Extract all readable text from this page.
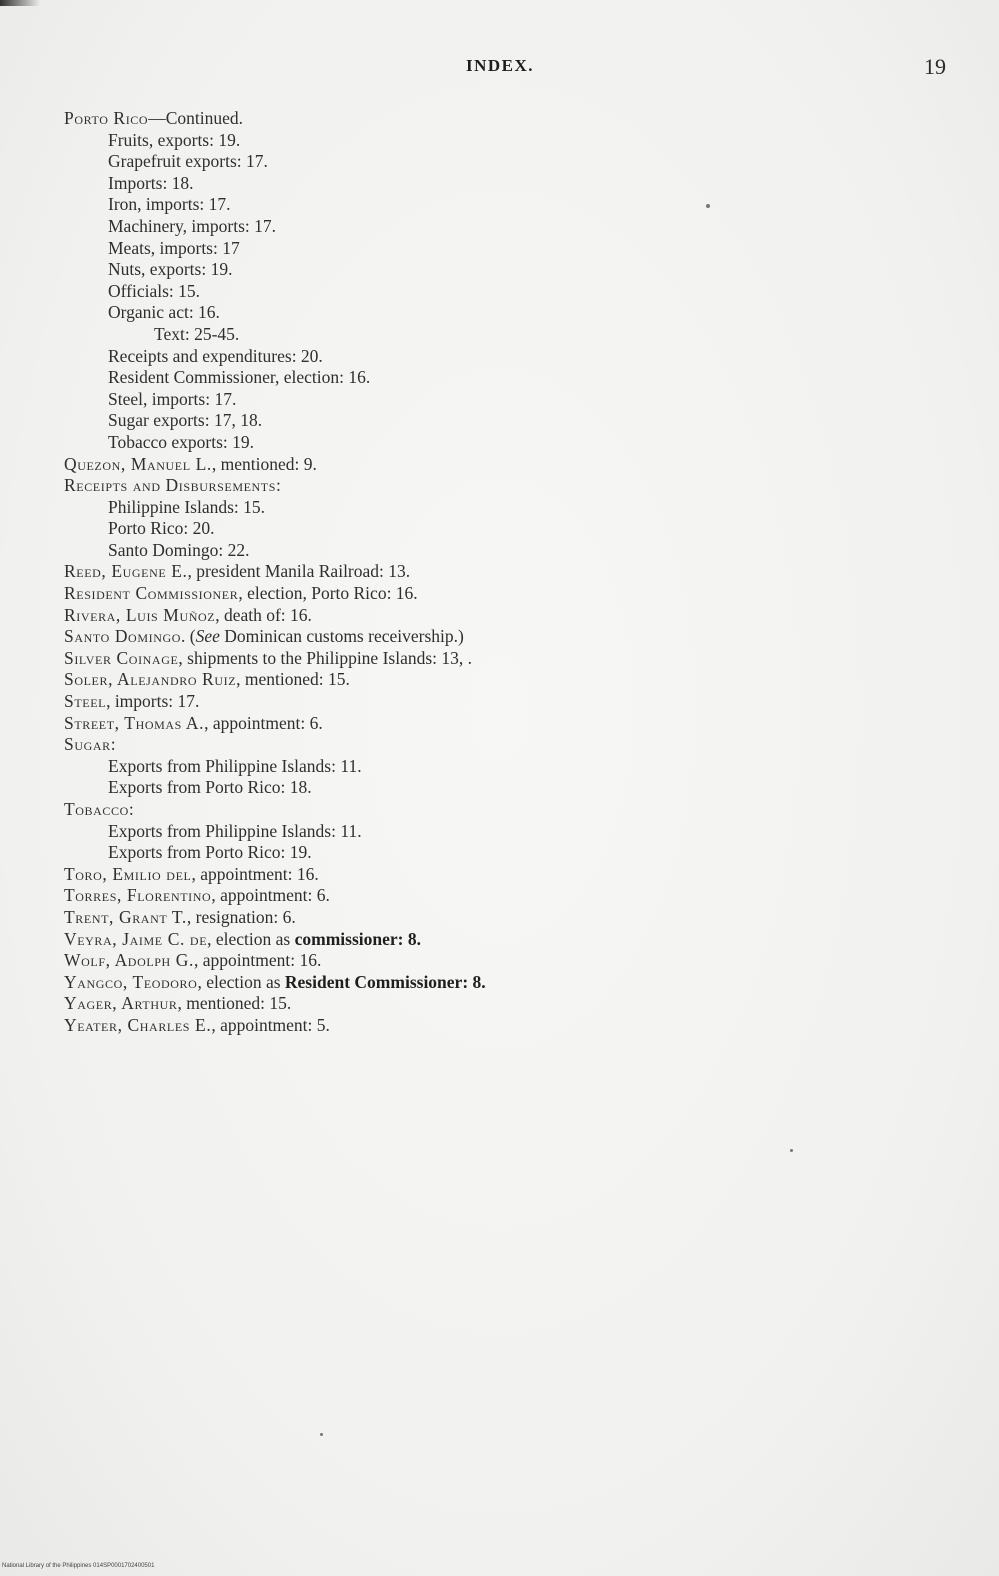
INDEX.	19
Porto Rico—Continued.
Fruits, exports: 19.
Grapefruit exports: 17.
Imports: 18.
Iron, imports: 17.
Machinery, imports: 17.
Meats, imports: 17
Nuts, exports: 19.
Officials: 15.
Organic act: 16.
Text: 25-45.
Receipts and expenditures: 20.
Resident Commissioner, election: 16.
Steel, imports: 17.
Sugar exports: 17, 18.
Tobacco exports: 19.
Quezon, Manuel L., mentioned: 9.
Receipts and Disbursements:
Philippine Islands: 15.
Porto Rico: 20.
Santo Domingo: 22.
Reed, Eugene E., president Manila Railroad: 13.
Resident Commissioner, election, Porto Rico: 16.
Rivera, Luis Muñoz, death of: 16.
Santo Domingo. (See Dominican customs receivership.)
Silver Coinage, shipments to the Philippine Islands: 13, .
Soler, Alejandro Ruiz, mentioned: 15.
Steel, imports: 17.
Street, Thomas A., appointment: 6.
Sugar:
Exports from Philippine Islands: 11.
Exports from Porto Rico: 18.
Tobacco:
Exports from Philippine Islands: 11.
Exports from Porto Rico: 19.
Toro, Emilio del, appointment: 16.
Torres, Florentino, appointment: 6.
Trent, Grant T., resignation: 6.
Veyra, Jaime C. de, election as commissioner: 8.
Wolf, Adolph G., appointment: 16.
Yangco, Teodoro, election as Resident Commissioner: 8.
Yager, Arthur, mentioned: 15.
Yeater, Charles E., appointment: 5.
National Library of the Philippines 014SP0001702400501
